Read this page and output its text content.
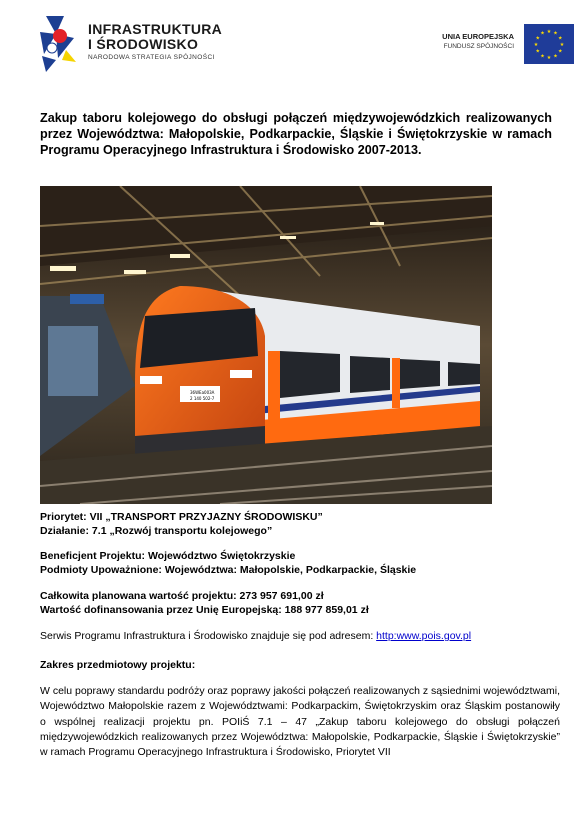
INFRASTRUKTURA
I ŚRODOWISKO
NARODOWA STRATEGIA SPÓJNOŚCI
UNIA EUROPEJSKA
FUNDUSZ SPÓJNOŚCI
★ ★
★
★
★
★
★
★
★
★
★
★
Zakup taboru kolejowego do obsługi połączeń międzywojewódzkich realizowanych przez Województwa: Małopolskie, Podkarpackie, Śląskie i Świętokrzyskie w ramach Programu Operacyjnego Infrastruktura i Środowisko 2007-2013.
36WEa003A
2 140 502-7
Priorytet: VII „TRANSPORT PRZYJAZNY ŚRODOWISKU”
Działanie: 7.1 „Rozwój transportu kolejowego”
Beneficjent Projektu: Województwo Świętokrzyskie
Podmioty Upoważnione: Województwa: Małopolskie, Podkarpackie, Śląskie
Całkowita planowana wartość projektu: 273 957 691,00 zł
Wartość dofinansowania przez Unię Europejską: 188 977 859,01 zł
Serwis Programu Infrastruktura i Środowisko znajduje się pod adresem: http:www.pois.gov.pl
Zakres przedmiotowy projektu:
W celu poprawy standardu podróży oraz poprawy jakości połączeń realizowanych z sąsiednimi województwami, Województwo Małopolskie razem z Województwami: Podkarpackim, Świętokrzyskim oraz Śląskim postanowiły o wspólnej realizacji projektu pn. POIiŚ 7.1 – 47 „Zakup taboru kolejowego do obsługi połączeń międzywojewódzkich realizowanych przez Województwa: Małopolskie, Podkarpackie, Śląskie i Świętokrzyskie” w ramach Programu Operacyjnego Infrastruktura i Środowisko, Priorytet VII
